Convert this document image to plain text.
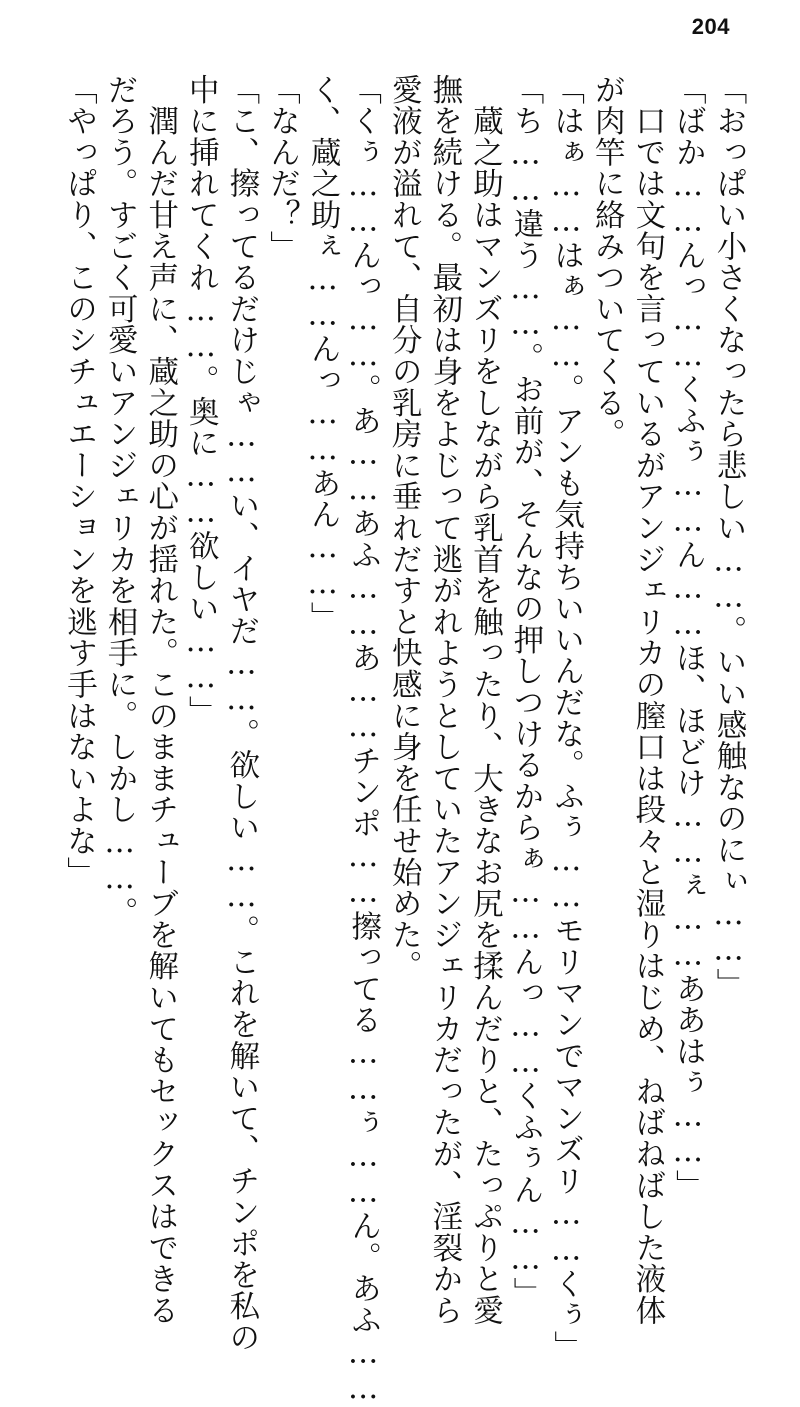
204

「おっぱい小さくなったら悲しい……。いい感触なのにぃ……」

「ばか……んっ……くふぅ……ん……ほ、ほどけ……ぇ……ああはぅ……」

　口では文句を言っているがアンジェリカの膣口は段々と湿りはじめ、ねばねばした液体

が肉竿に絡みついてくる。

「はぁ……はぁ……。アンも気持ちいいんだな。ふぅ……モリマンでマンズリ……くぅ」

「ち……違う……。お前が、そんなの押しつけるからぁ……んっ……くふぅん……」

　蔵之助はマンズリをしながら乳首を触ったり、大きなお尻を揉んだりと、たっぷりと愛

撫を続ける。最初は身をよじって逃がれようとしていたアンジェリカだったが、淫裂から

愛液が溢れて、自分の乳房に垂れだすと快感に身を任せ始めた。

「くぅ……んっ……。あ……あふ……あ……チンポ……擦ってる……ぅ……ん。あふ……

く、蔵之助ぇ……んっ……あん……」

「なんだ？」

「こ、擦ってるだけじゃ……い、イヤだ……。欲しい……。これを解いて、チンポを私の

中に挿れてくれ……。奥に……欲しい……」

　潤んだ甘え声に、蔵之助の心が揺れた。このままチューブを解いてもセックスはできる

だろう。すごく可愛いアンジェリカを相手に。しかし……。

「やっぱり、このシチュエーションを逃す手はないよな」
